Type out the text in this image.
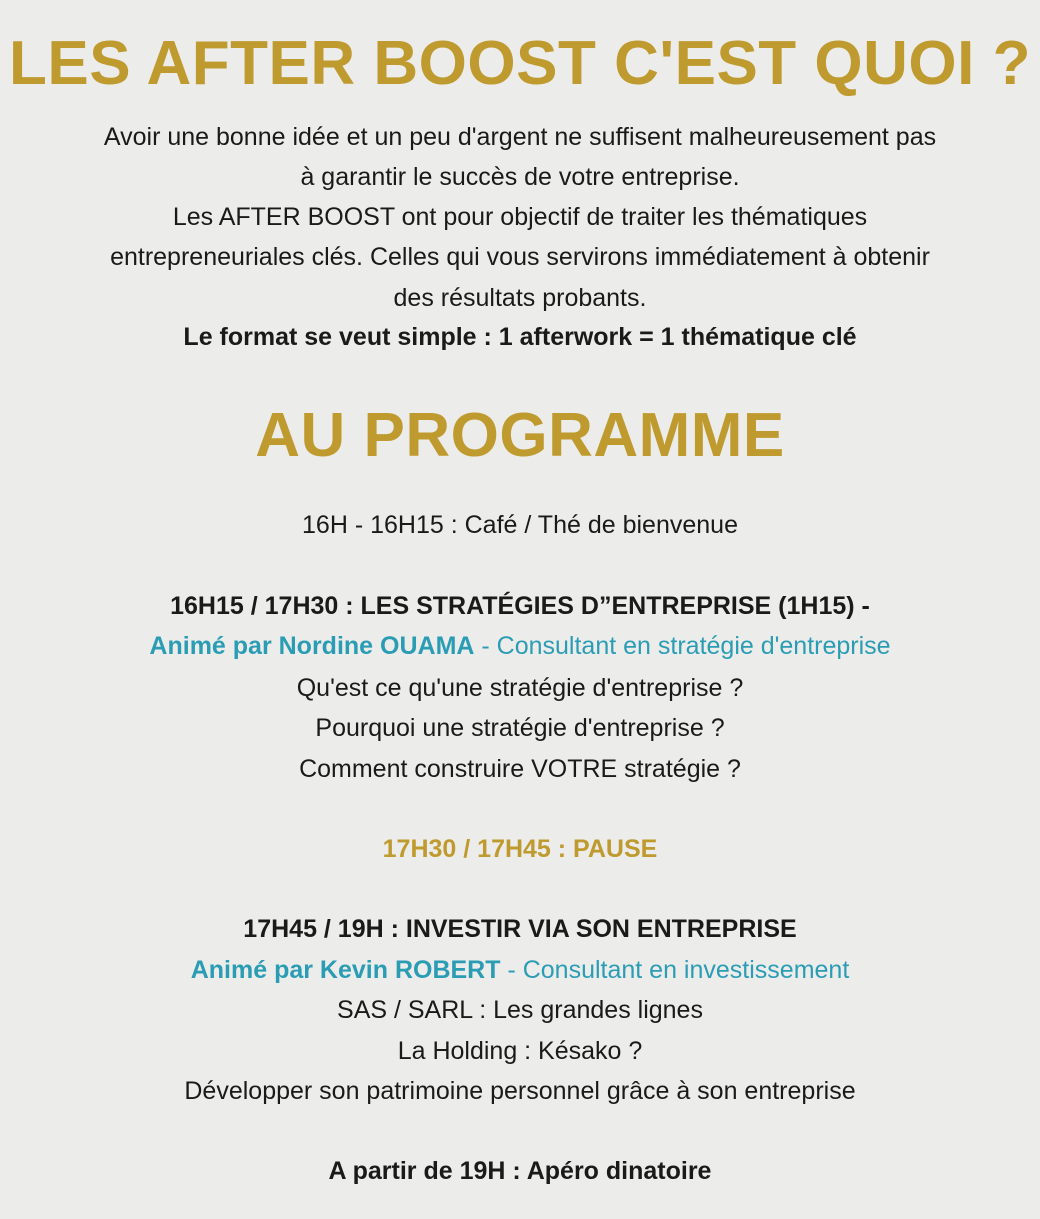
LES AFTER BOOST C'EST QUOI ?

Avoir une bonne idée et un peu d'argent ne suffisent malheureusement pas

à garantir le succès de votre entreprise.

Les AFTER BOOST ont pour objectif de traiter les thématiques

entrepreneuriales clés. Celles qui vous servirons immédiatement à obtenir

des résultats probants.

Le format se veut simple : 1 afterwork = 1 thématique clé

AU PROGRAMME

16H - 16H15 : Café / Thé de bienvenue

16H15 / 17H30 : LES STRATÉGIES D”ENTREPRISE (1H15) -

Animé par Nordine OUAMA - Consultant en stratégie d'entreprise

Qu'est ce qu'une stratégie d'entreprise ?

Pourquoi une stratégie d'entreprise ?

Comment construire VOTRE stratégie ?

17H30 / 17H45 : PAUSE

17H45 / 19H : INVESTIR VIA SON ENTREPRISE

Animé par Kevin ROBERT - Consultant en investissement

SAS / SARL : Les grandes lignes

La Holding : Késako ?

Développer son patrimoine personnel grâce à son entreprise

A partir de 19H : Apéro dinatoire
